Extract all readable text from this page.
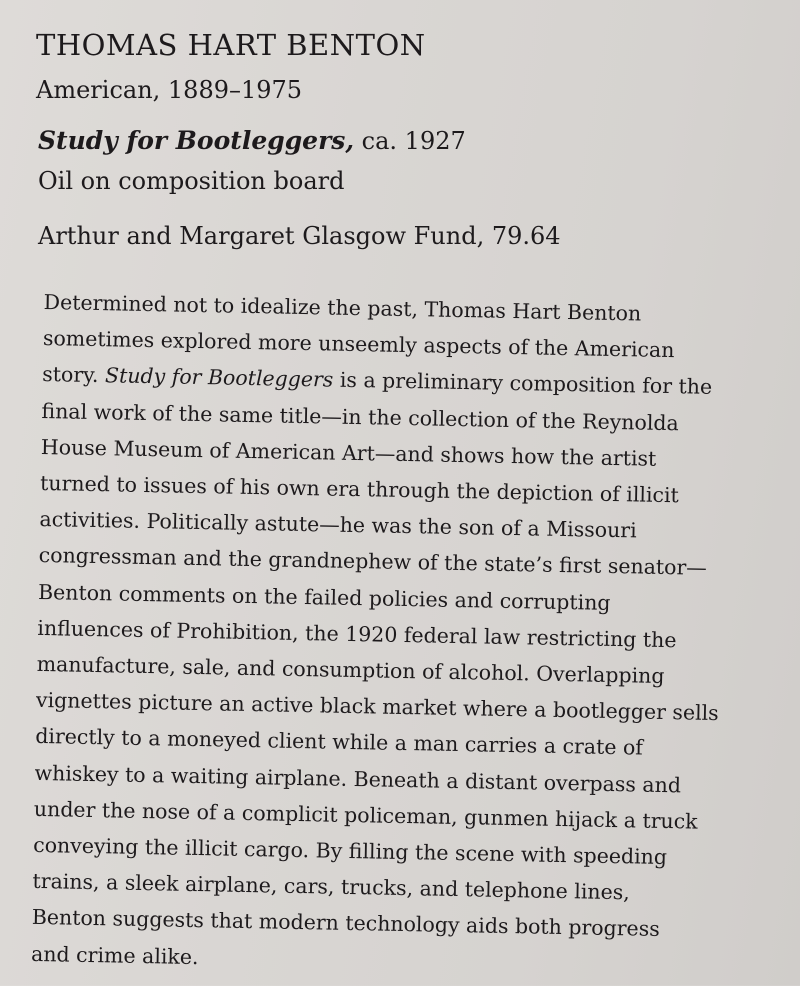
THOMAS HART BENTON
American, 1889–1975
Study for Bootleggers, ca. 1927
Oil on composition board
Arthur and Margaret Glasgow Fund, 79.64
Determined not to idealize the past, Thomas Hart Benton
sometimes explored more unseemly aspects of the American
story. Study for Bootleggers is a preliminary composition for the
final work of the same title—in the collection of the Reynolda
House Museum of American Art—and shows how the artist
turned to issues of his own era through the depiction of illicit
activities. Politically astute—he was the son of a Missouri
congressman and the grandnephew of the state’s first senator—
Benton comments on the failed policies and corrupting
influences of Prohibition, the 1920 federal law restricting the
manufacture, sale, and consumption of alcohol. Overlapping
vignettes picture an active black market where a bootlegger sells
directly to a moneyed client while a man carries a crate of
whiskey to a waiting airplane. Beneath a distant overpass and
under the nose of a complicit policeman, gunmen hijack a truck
conveying the illicit cargo. By filling the scene with speeding
trains, a sleek airplane, cars, trucks, and telephone lines,
Benton suggests that modern technology aids both progress
and crime alike.
